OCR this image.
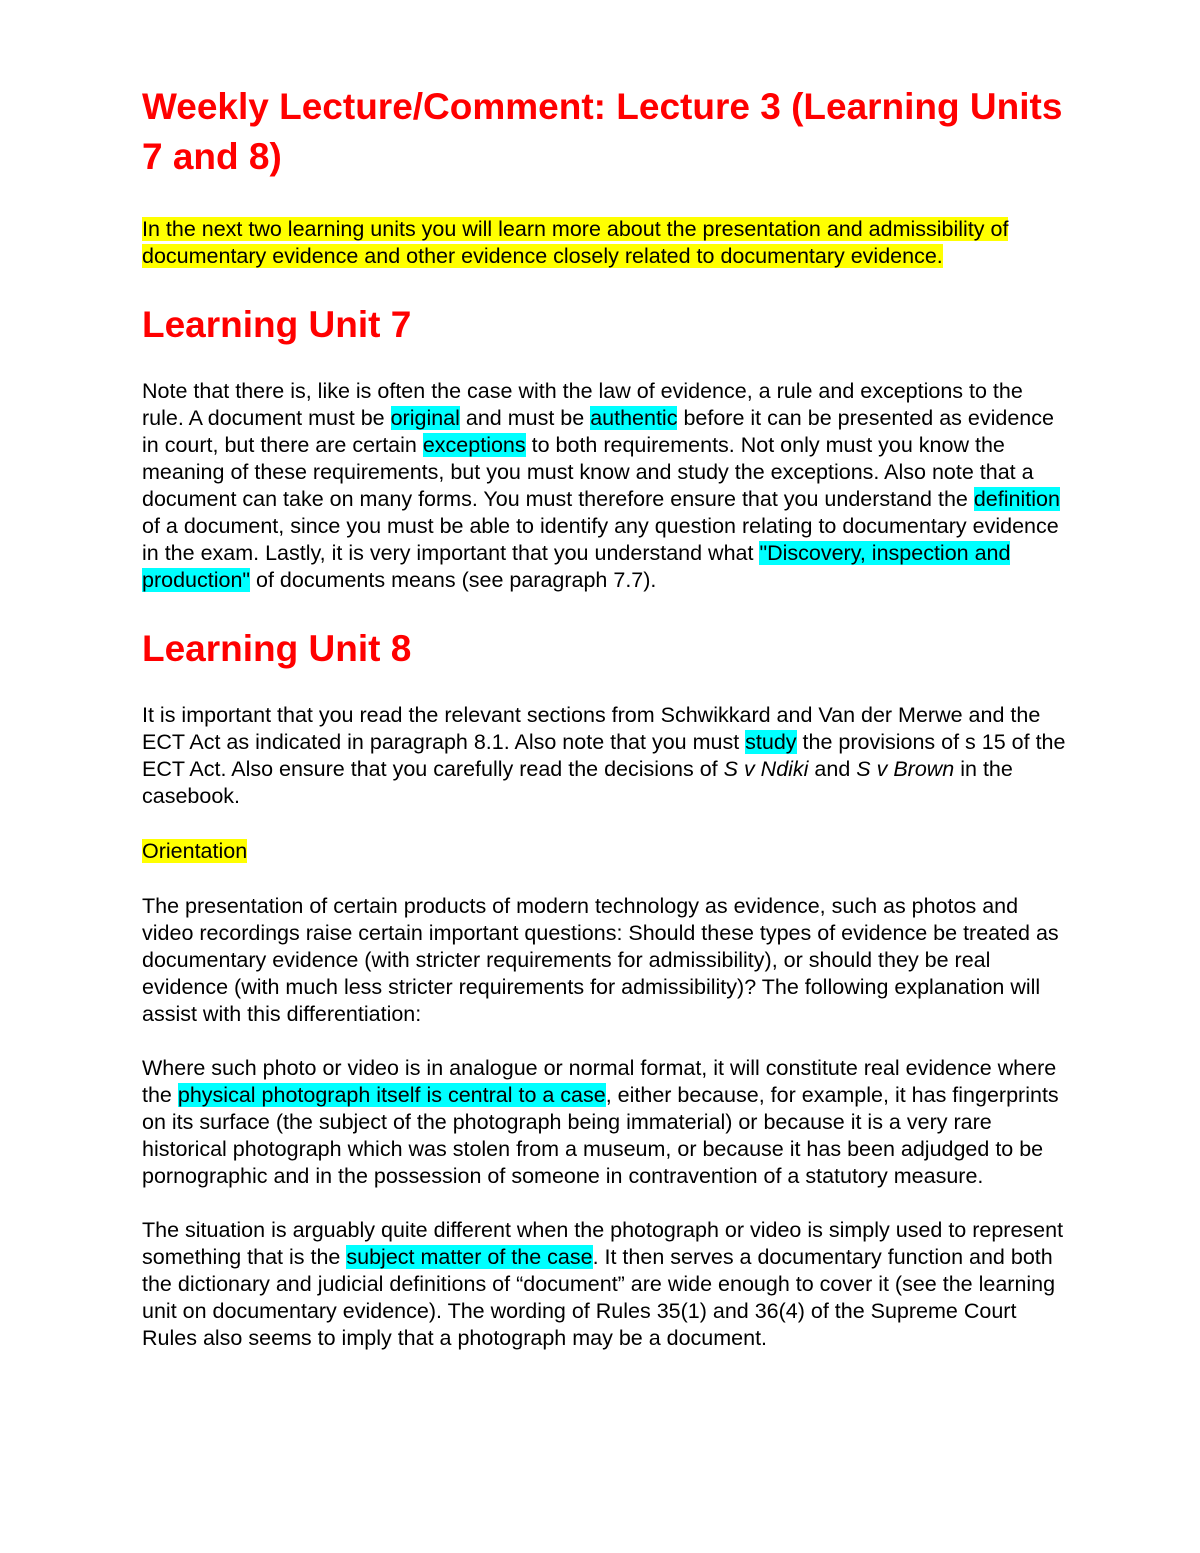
Weekly Lecture/Comment: Lecture 3 (Learning Units 7 and 8)

In the next two learning units you will learn more about the presentation and admissibility of documentary evidence and other evidence closely related to documentary evidence.

Learning Unit 7

Note that there is, like is often the case with the law of evidence, a rule and exceptions to the rule. A document must be original and must be authentic before it can be presented as evidence in court, but there are certain exceptions to both requirements. Not only must you know the meaning of these requirements, but you must know and study the exceptions. Also note that a document can take on many forms. You must therefore ensure that you understand the definition of a document, since you must be able to identify any question relating to documentary evidence in the exam. Lastly, it is very important that you understand what "Discovery, inspection and production" of documents means (see paragraph 7.7).

Learning Unit 8

It is important that you read the relevant sections from Schwikkard and Van der Merwe and the ECT Act as indicated in paragraph 8.1. Also note that you must study the provisions of s 15 of the ECT Act. Also ensure that you carefully read the decisions of S v Ndiki and S v Brown in the casebook.

Orientation

The presentation of certain products of modern technology as evidence, such as photos and video recordings raise certain important questions: Should these types of evidence be treated as documentary evidence (with stricter requirements for admissibility), or should they be real evidence (with much less stricter requirements for admissibility)? The following explanation will assist with this differentiation:

Where such photo or video is in analogue or normal format, it will constitute real evidence where the physical photograph itself is central to a case, either because, for example, it has fingerprints on its surface (the subject of the photograph being immaterial) or because it is a very rare historical photograph which was stolen from a museum, or because it has been adjudged to be pornographic and in the possession of someone in contravention of a statutory measure.

The situation is arguably quite different when the photograph or video is simply used to represent something that is the subject matter of the case. It then serves a documentary function and both the dictionary and judicial definitions of “document” are wide enough to cover it (see the learning unit on documentary evidence). The wording of Rules 35(1) and 36(4) of the Supreme Court Rules also seems to imply that a photograph may be a document.
